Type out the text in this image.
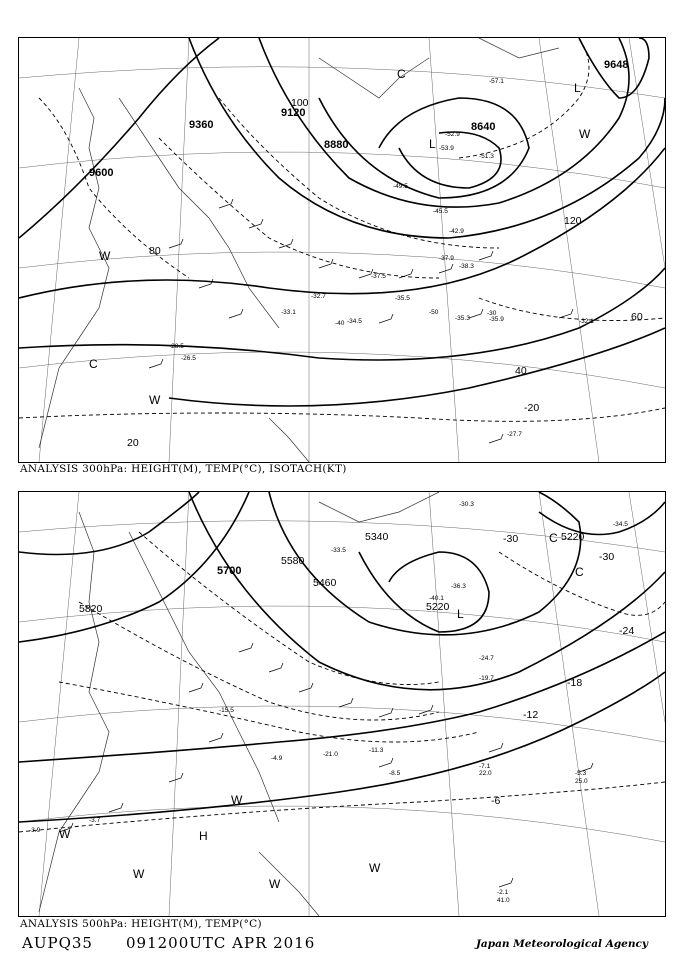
9600
9360
9120
8880
8640
9648
20
40
60
80
100
120
-20
-30
-40
-50
-35.5
-35.3	-35.9	-32.1
-34.5
-27.7
-37.5
-38.3
-37.9
-42.9
-45.5
-49.5
-51.3
-53.9
-52.9
-57.1
-32.7
-33.1
-28.5
-26.5
L
L
C
C
W
W
W
ANALYSIS 300hPa: HEIGHT(M), TEMP(°C), ISOTACH(KT)
5700
5580
5820
5460
5340
5220
5220
-6
-12
-18
-24
-30
-30
-11.3
-8.5
-7.1
-5.3
-2.1
41.0
22.0
25.0
-4.9
-3.7
-3.9
-15.5
-21.0
-19.7
-24.7
-33.5
-30.3
-36.3
-40.1
-34.5
H
L
C
C
W
W
W
W
W
ANALYSIS 500hPa: HEIGHT(M), TEMP(°C)
AUPQ35 091200UTC APR 2016	Japan Meteorological Agency
